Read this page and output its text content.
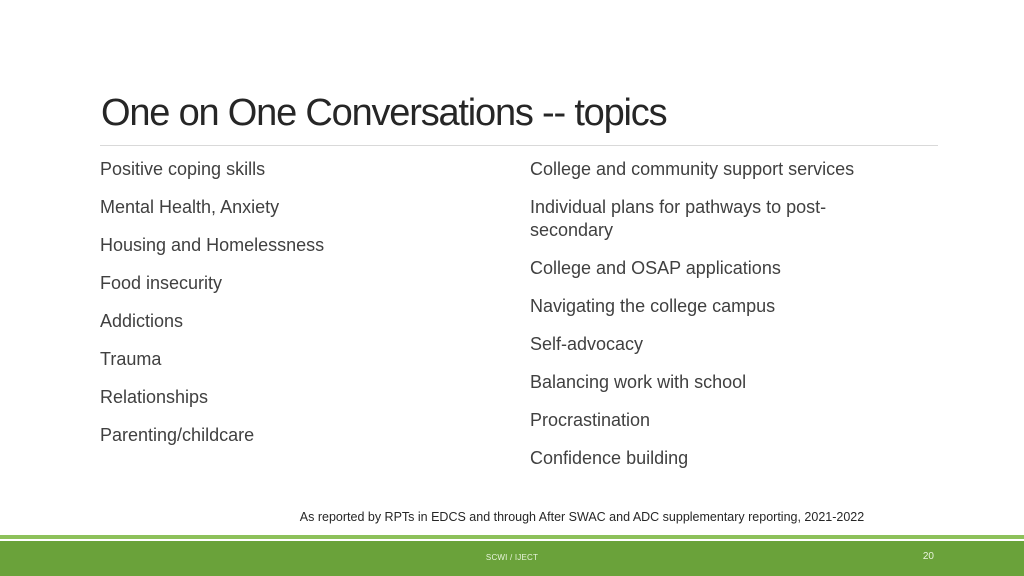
One on One Conversations -- topics
Positive coping skills
Mental Health, Anxiety
Housing and Homelessness
Food insecurity
Addictions
Trauma
Relationships
Parenting/childcare
College and community support services
Individual plans for pathways to post-secondary
College and OSAP applications
Navigating the college campus
Self-advocacy
Balancing work with school
Procrastination
Confidence building
As reported by RPTs in EDCS and through After SWAC and ADC supplementary reporting, 2021-2022
SCWI / IJECT	20
